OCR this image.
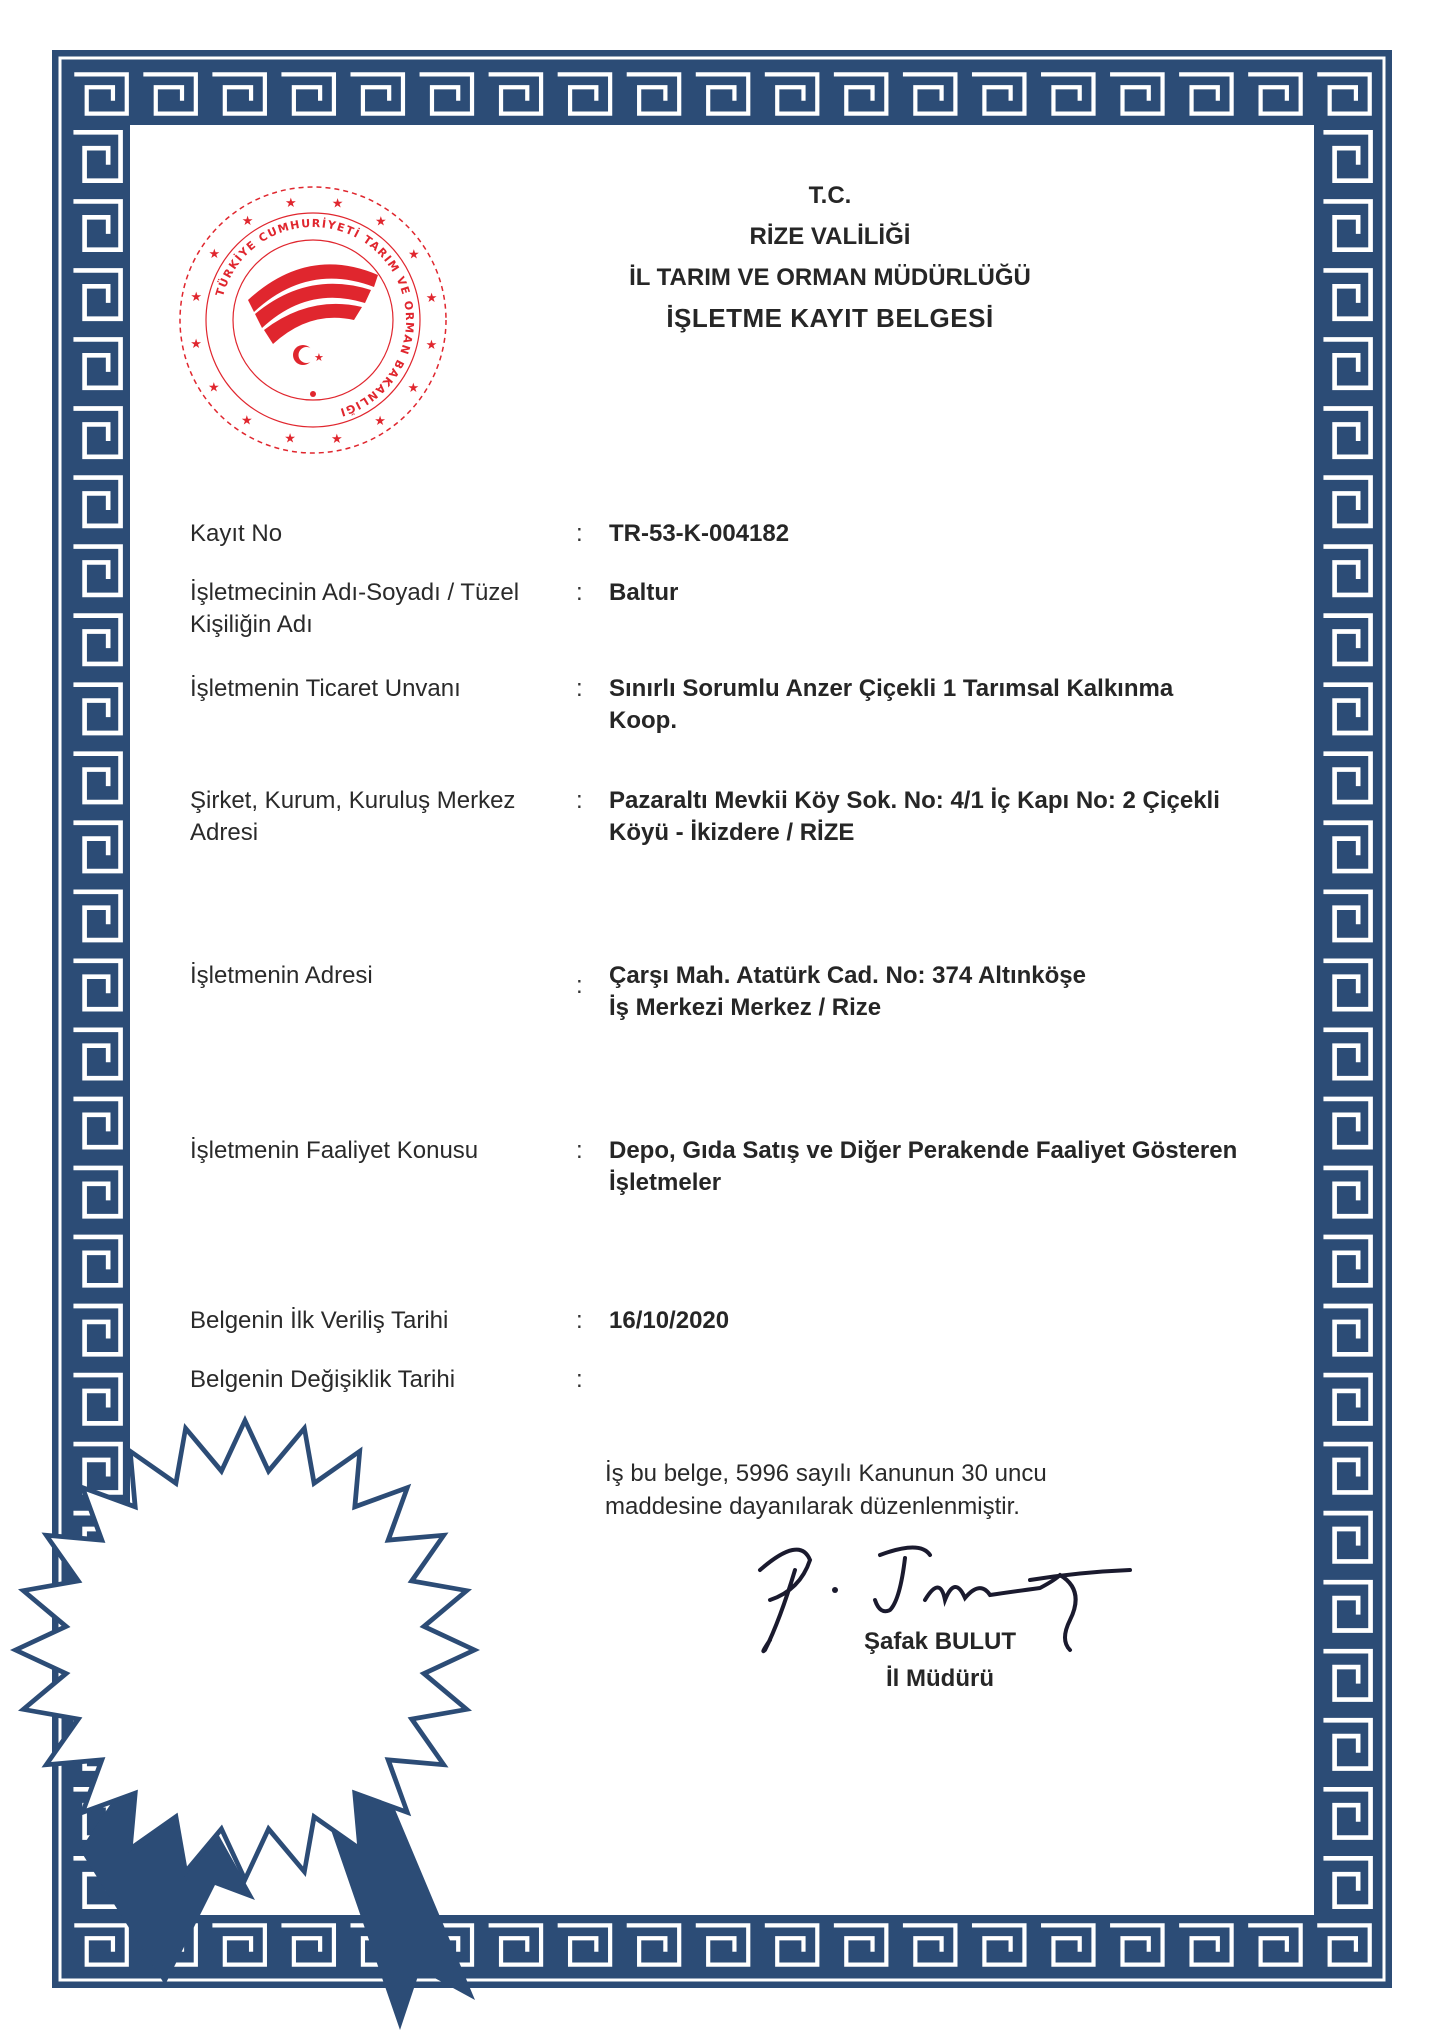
★
★
★
★
★
★
★
★
★
★
★
★
★
★
★
★
TÜRKİYE CUMHURİYETİ TARIM VE ORMAN BAKANLIĞI
★
T.C.
RİZE VALİLİĞİ
İL TARIM VE ORMAN MÜDÜRLÜĞÜ
İŞLETME KAYIT BELGESİ
Kayıt No	: TR-53-K-004182
İşletmecinin Adı-Soyadı / Tüzel Kişiliğin Adı
: Baltur
İşletmenin Ticaret Unvanı	: Sınırlı Sorumlu Anzer Çiçekli 1 Tarımsal Kalkınma Koop.
Şirket, Kurum, Kuruluş Merkez Adresi
: Pazaraltı Mevkii Köy Sok. No: 4/1 İç Kapı No: 2 Çiçekli Köyü - İkizdere / RİZE
İşletmenin Adresi	: Çarşı Mah. Atatürk Cad. No: 374 Altınköşe İş Merkezi Merkez / Rize
İşletmenin Faaliyet Konusu	: Depo, Gıda Satış ve Diğer Perakende Faaliyet Gösteren İşletmeler
Belgenin İlk Veriliş Tarihi	: 16/10/2020
Belgenin Değişiklik Tarihi	:
İş bu belge, 5996 sayılı Kanunun 30 uncu maddesine dayanılarak düzenlenmiştir.
Şafak BULUT
İl Müdürü
